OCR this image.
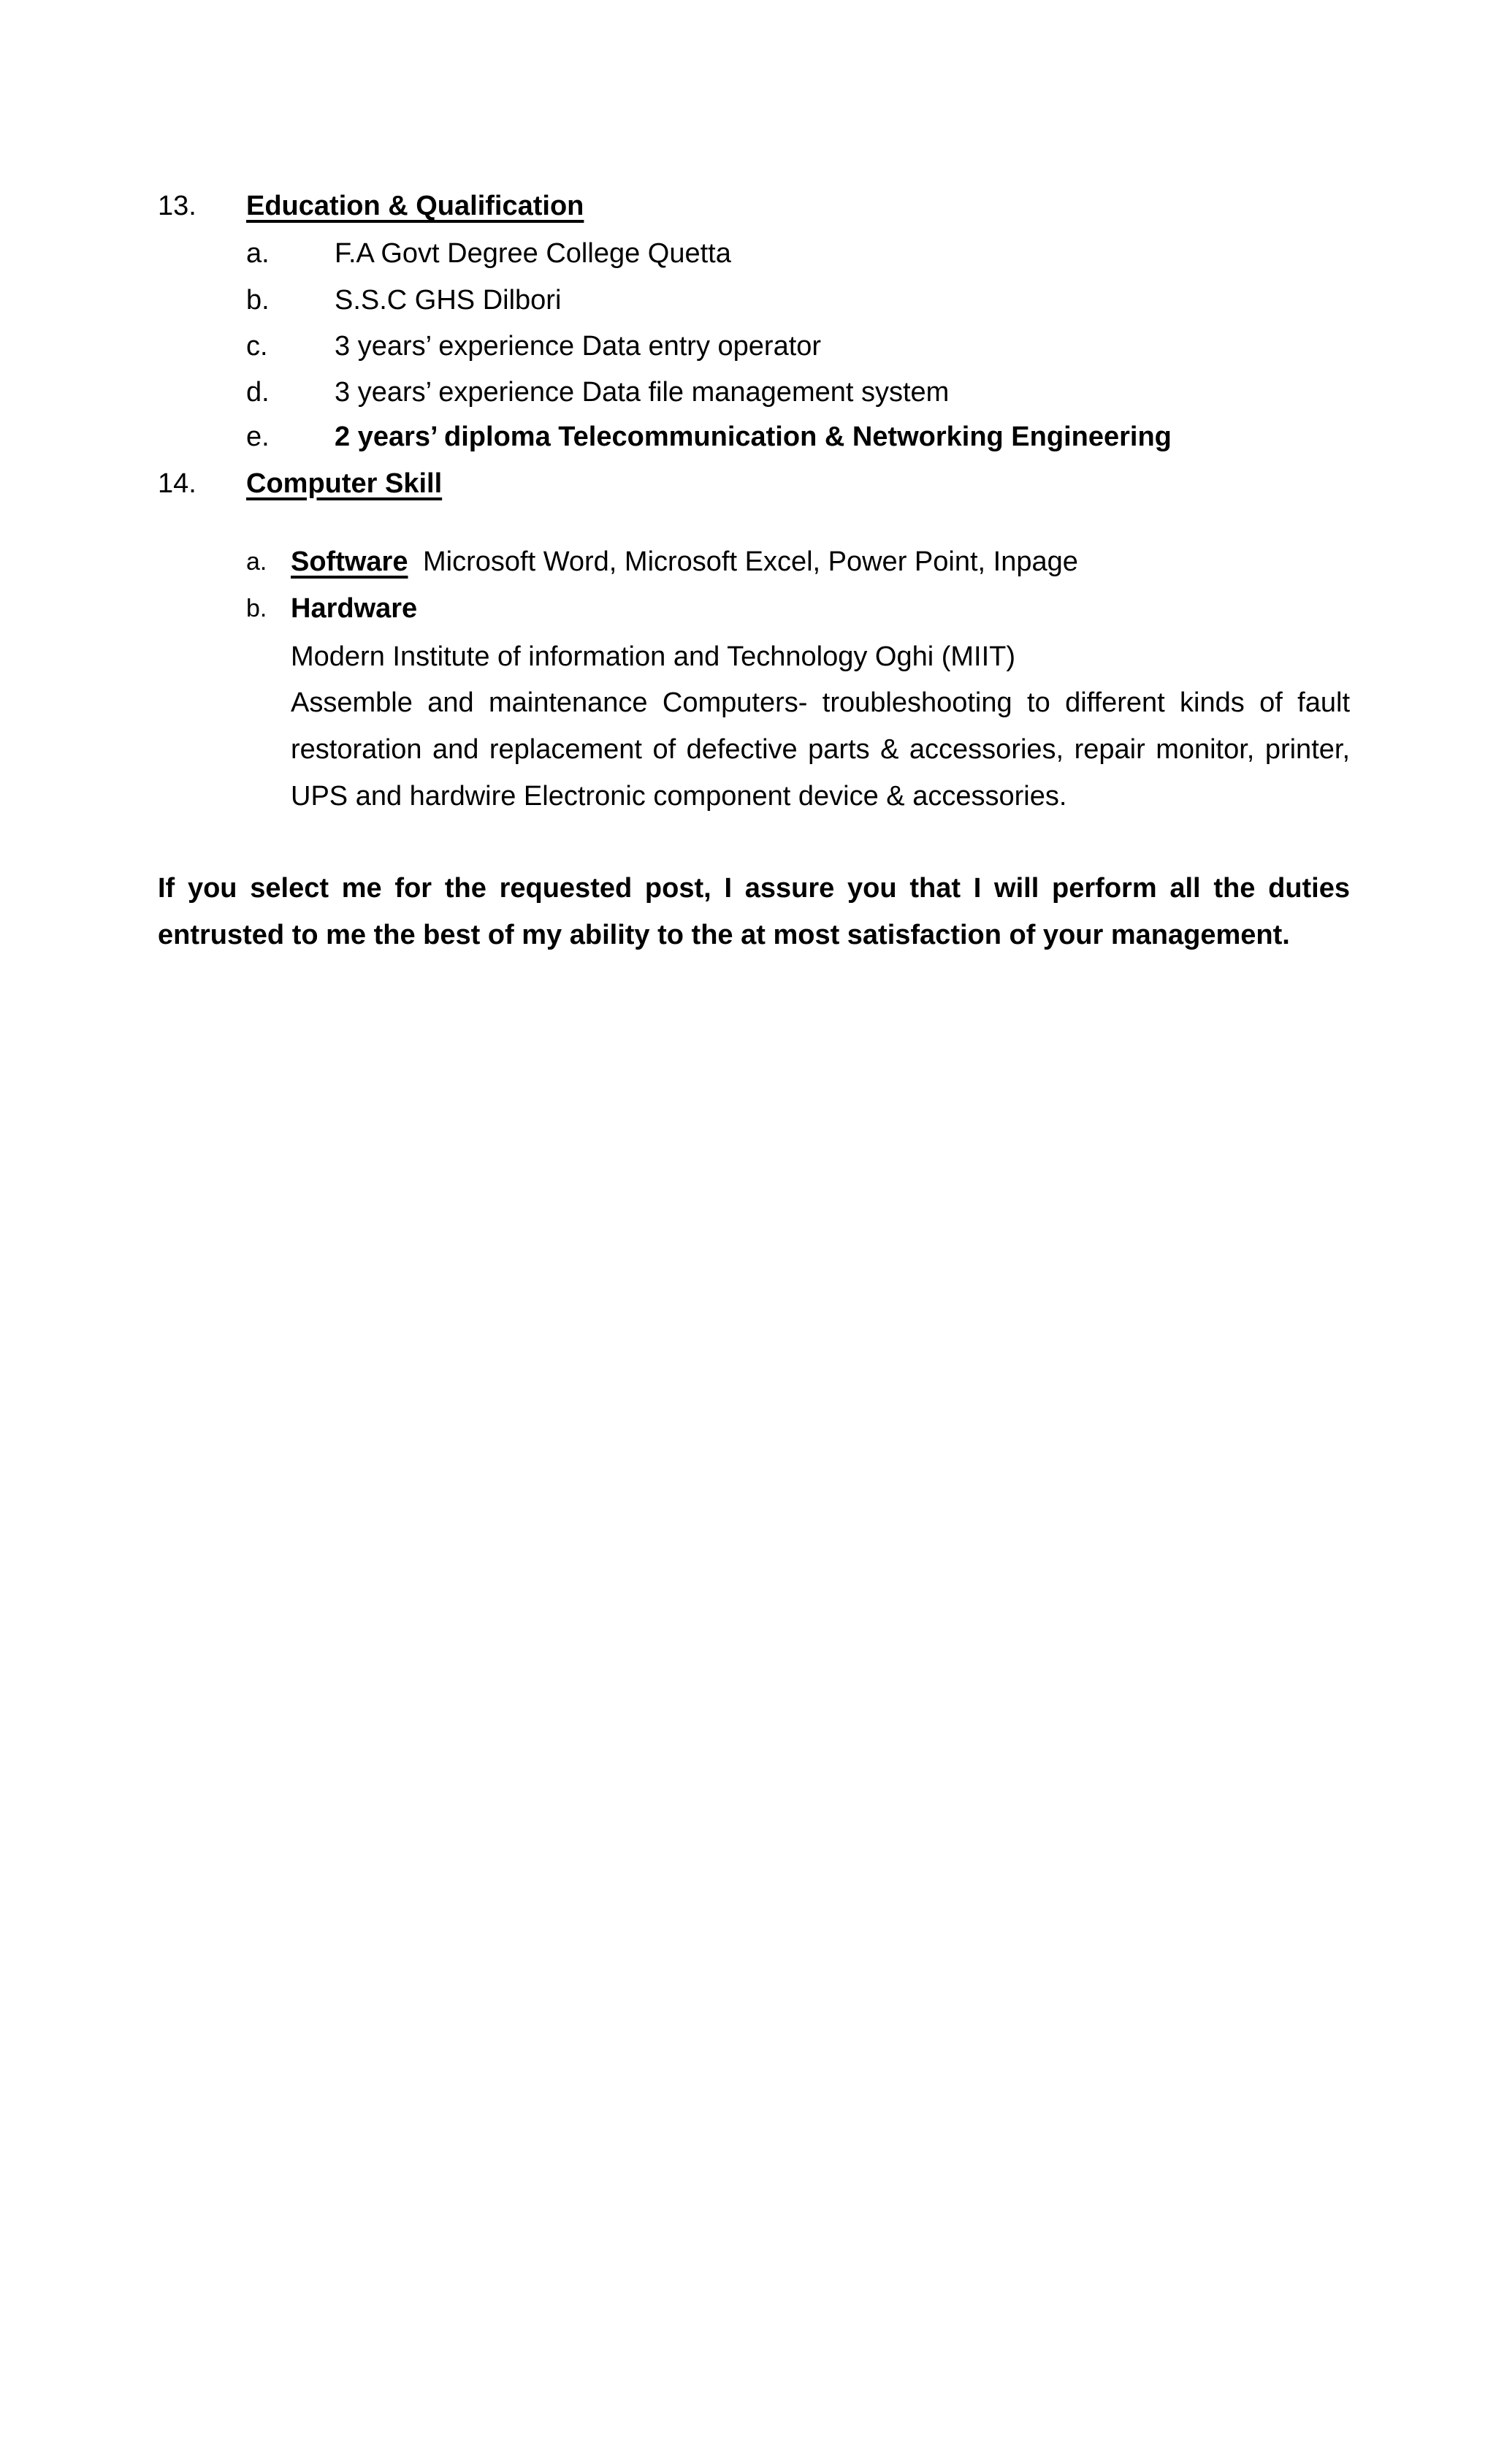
13. Education & Qualification
a. F.A Govt Degree College Quetta
b. S.S.C GHS Dilbori
c. 3 years’ experience Data entry operator
d. 3 years’ experience Data file management system
e. 2 years’ diploma Telecommunication & Networking Engineering
14. Computer Skill
a. Software Microsoft Word, Microsoft Excel, Power Point, Inpage
b. Hardware
Modern Institute of information and Technology Oghi (MIIT)
Assemble and maintenance Computers- troubleshooting to different kinds of fault restoration and replacement of defective parts & accessories, repair monitor, printer, UPS and hardwire Electronic component device & accessories.
If you select me for the requested post, I assure you that I will perform all the duties entrusted to me the best of my ability to the at most satisfaction of your management.
